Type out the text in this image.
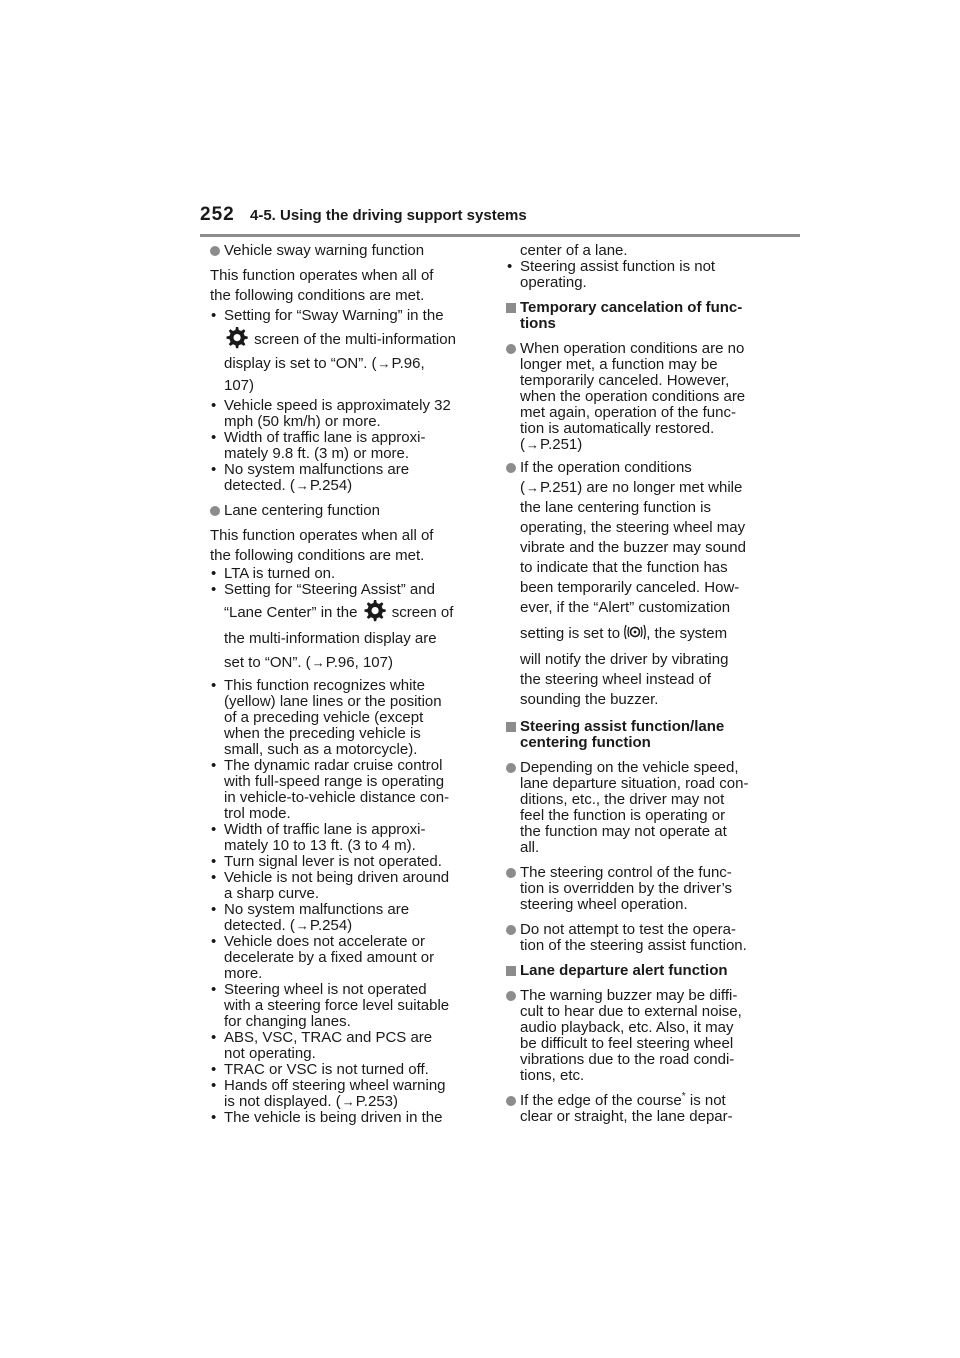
252 4-5. Using the driving support systems
Vehicle sway warning function
This function operates when all of
the following conditions are met.
• Setting for “Sway Warning” in the
screen of the multi-information
display is set to “ON”. (→P.96,
107)
• Vehicle speed is approximately 32
mph (50 km/h) or more.
• Width of traffic lane is approxi-
mately 9.8 ft. (3 m) or more.
• No system malfunctions are
detected. (→P.254)
Lane centering function
This function operates when all of
the following conditions are met.
• LTA is turned on.
• Setting for “Steering Assist” and
“Lane Center” in the  screen of
the multi-information display are
set to “ON”. (→P.96, 107)
• This function recognizes white
(yellow) lane lines or the position
of a preceding vehicle (except
when the preceding vehicle is
small, such as a motorcycle).
• The dynamic radar cruise control
with full-speed range is operating
in vehicle-to-vehicle distance con-
trol mode.
• Width of traffic lane is approxi-
mately 10 to 13 ft. (3 to 4 m).
• Turn signal lever is not operated.
• Vehicle is not being driven around
a sharp curve.
• No system malfunctions are
detected. (→P.254)
• Vehicle does not accelerate or
decelerate by a fixed amount or
more.
• Steering wheel is not operated
with a steering force level suitable
for changing lanes.
• ABS, VSC, TRAC and PCS are
not operating.
• TRAC or VSC is not turned off.
• Hands off steering wheel warning
is not displayed. (→P.253)
• The vehicle is being driven in the
center of a lane.
• Steering assist function is not
operating.
Temporary cancelation of func-
tions
When operation conditions are no
longer met, a function may be
temporarily canceled. However,
when the operation conditions are
met again, operation of the func-
tion is automatically restored.
(→P.251)
If the operation conditions
(→P.251) are no longer met while
the lane centering function is
operating, the steering wheel may
vibrate and the buzzer may sound
to indicate that the function has
been temporarily canceled. How-
ever, if the “Alert” customization
setting is set to , the system
will notify the driver by vibrating
the steering wheel instead of
sounding the buzzer.
Steering assist function/lane
centering function
Depending on the vehicle speed,
lane departure situation, road con-
ditions, etc., the driver may not
feel the function is operating or
the function may not operate at
all.
The steering control of the func-
tion is overridden by the driver’s
steering wheel operation.
Do not attempt to test the opera-
tion of the steering assist function.
Lane departure alert function
The warning buzzer may be diffi-
cult to hear due to external noise,
audio playback, etc. Also, it may
be difficult to feel steering wheel
vibrations due to the road condi-
tions, etc.
If the edge of the course* is not
clear or straight, the lane depar-
